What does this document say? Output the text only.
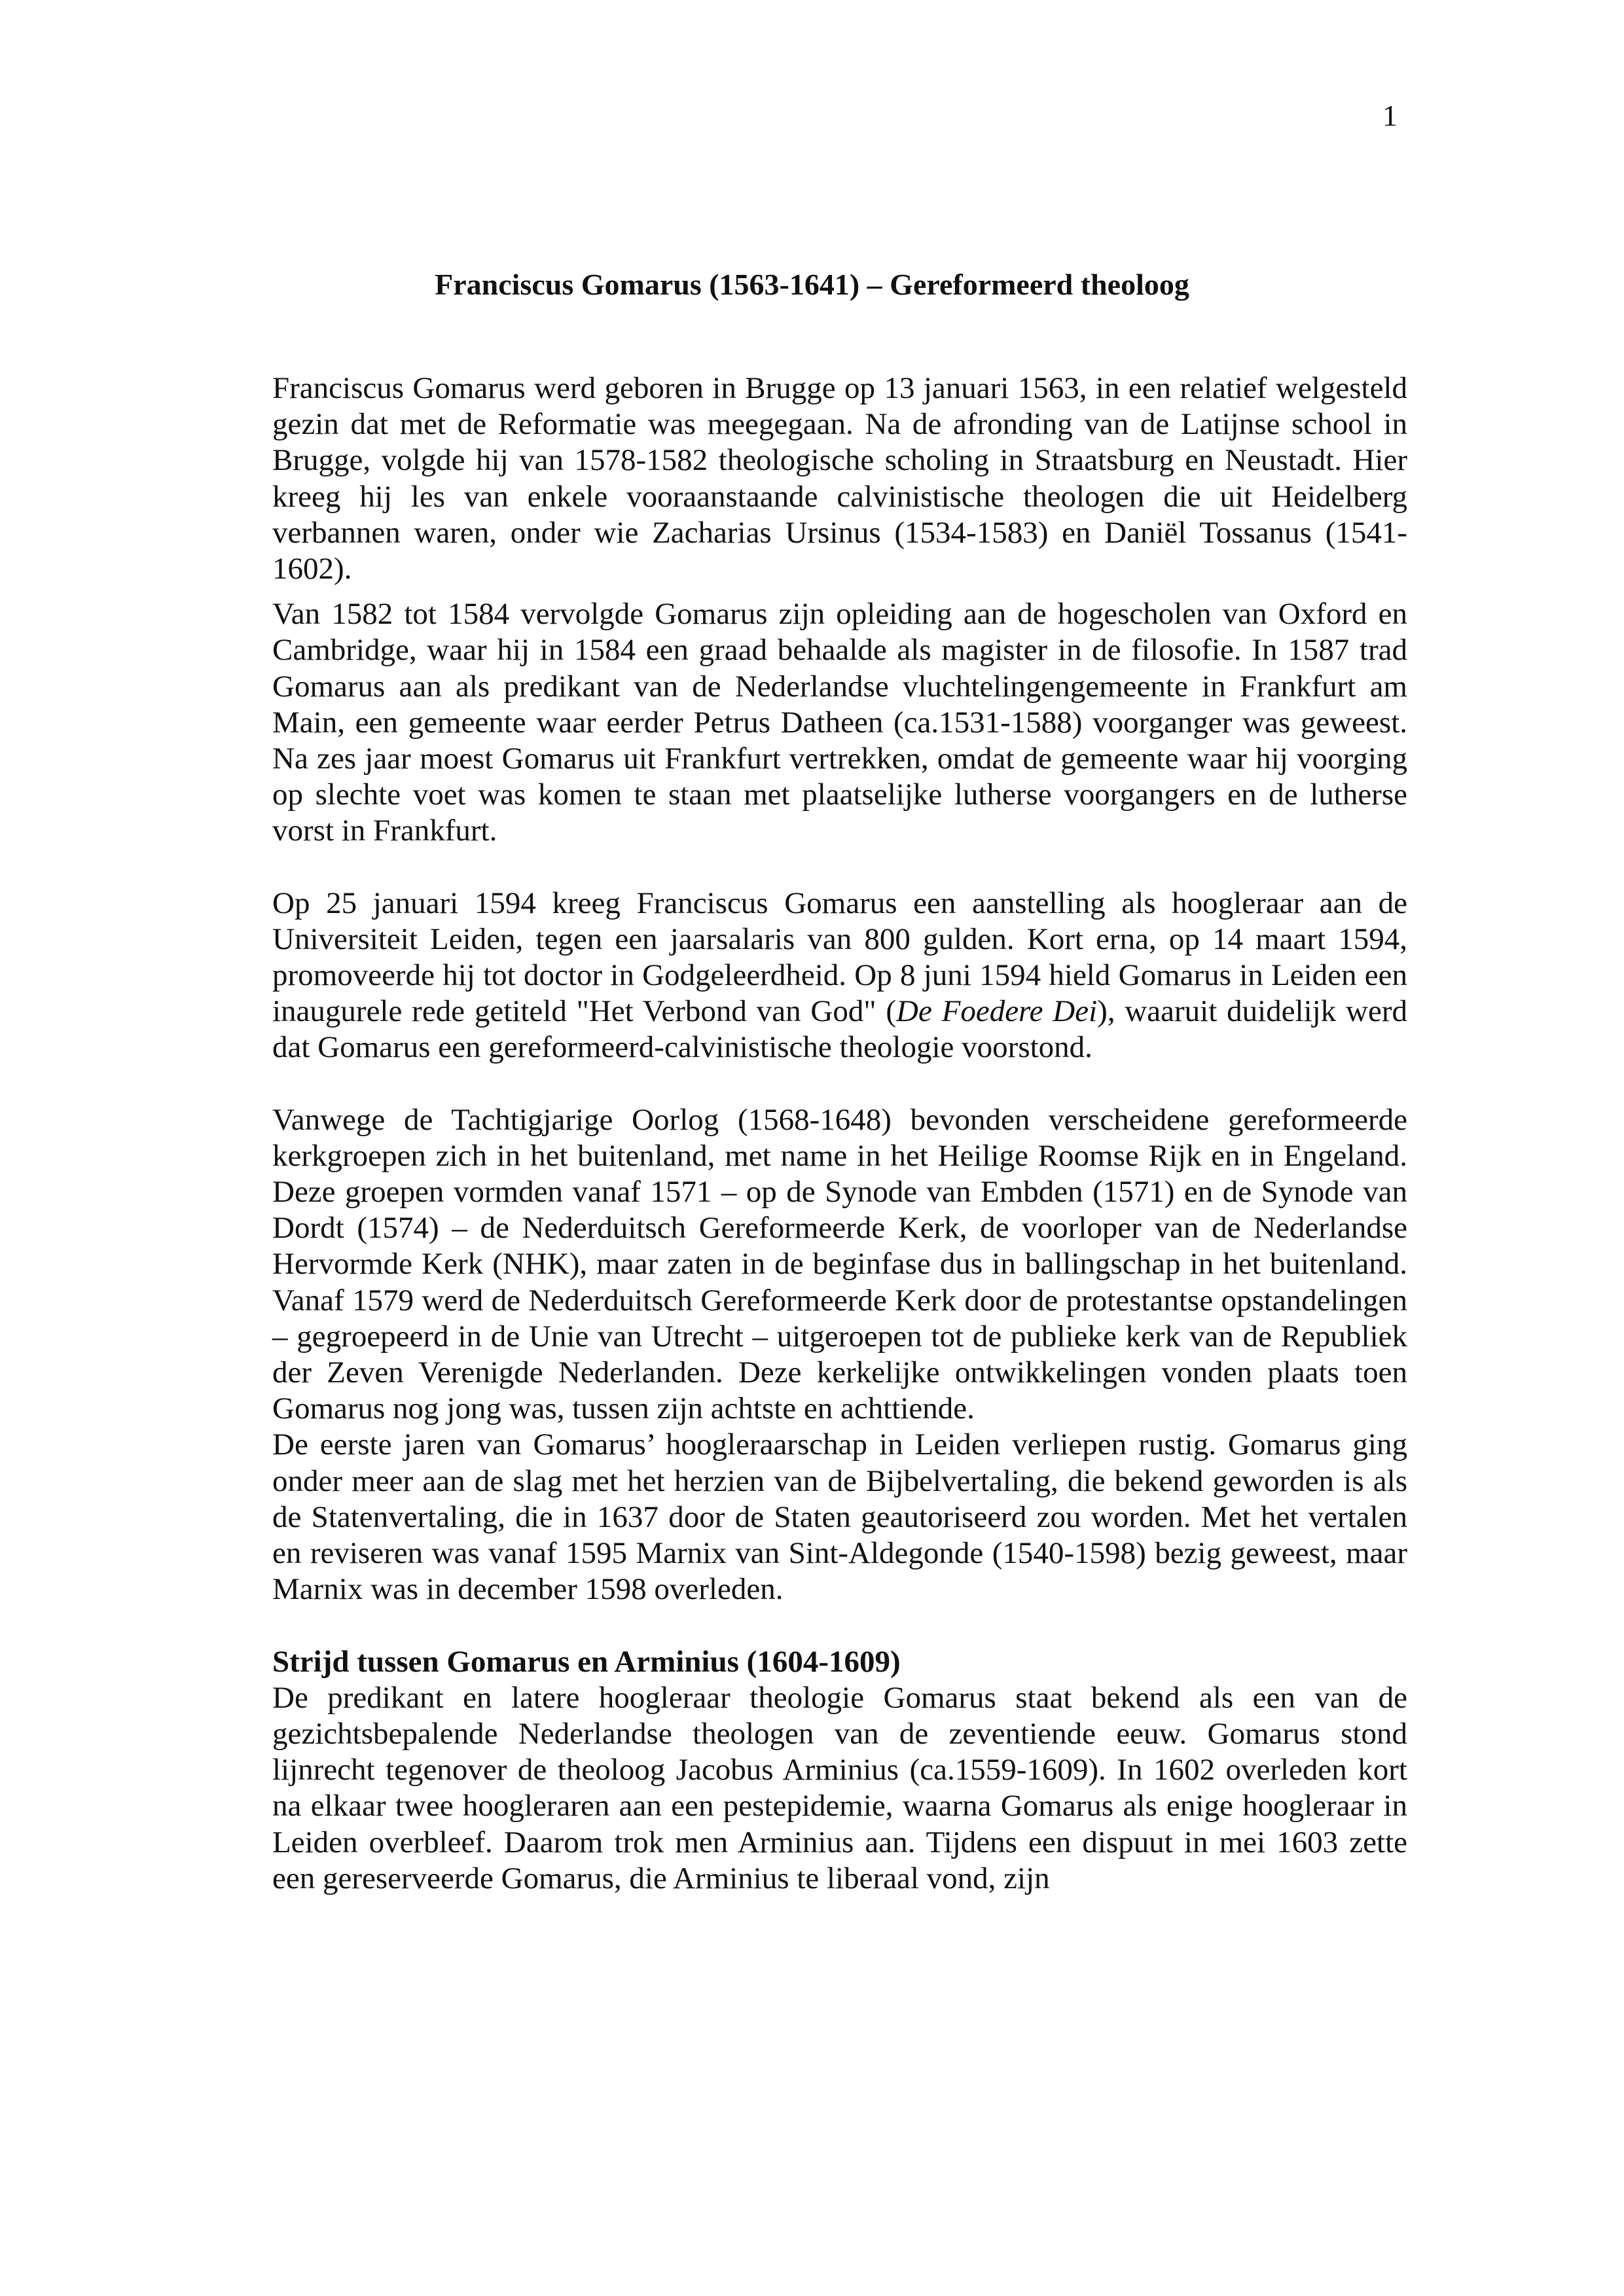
1
Franciscus Gomarus (1563-1641) – Gereformeerd theoloog

Franciscus Gomarus werd geboren in Brugge op 13 januari 1563, in een relatief welgesteld gezin dat met de Reformatie was meegegaan. Na de afronding van de Latijnse school in Brugge, volgde hij van 1578-1582 theologische scholing in Straatsburg en Neustadt. Hier kreeg hij les van enkele vooraanstaande calvinistische theologen die uit Heidelberg verbannen waren, onder wie Zacharias Ursinus (1534-1583) en Daniël Tossanus (1541-1602).

Van 1582 tot 1584 vervolgde Gomarus zijn opleiding aan de hogescholen van Oxford en Cambridge, waar hij in 1584 een graad behaalde als magister in de filosofie. In 1587 trad Gomarus aan als predikant van de Nederlandse vluchtelingengemeente in Frankfurt am Main, een gemeente waar eerder Petrus Datheen (ca.1531-1588) voorganger was geweest. Na zes jaar moest Gomarus uit Frankfurt vertrekken, omdat de gemeente waar hij voorging op slechte voet was komen te staan met plaatselijke lutherse voorgangers en de lutherse vorst in Frankfurt.

Op 25 januari 1594 kreeg Franciscus Gomarus een aanstelling als hoogleraar aan de Universiteit Leiden, tegen een jaarsalaris van 800 gulden. Kort erna, op 14 maart 1594, promoveerde hij tot doctor in Godgeleerdheid. Op 8 juni 1594 hield Gomarus in Leiden een inaugurele rede getiteld "Het Verbond van God" (De Foedere Dei), waaruit duidelijk werd dat Gomarus een gereformeerd-calvinistische theologie voorstond.

Vanwege de Tachtigjarige Oorlog (1568-1648) bevonden verscheidene gereformeerde kerkgroepen zich in het buitenland, met name in het Heilige Roomse Rijk en in Engeland. Deze groepen vormden vanaf 1571 – op de Synode van Embden (1571) en de Synode van Dordt (1574) – de Nederduitsch Gereformeerde Kerk, de voorloper van de Nederlandse Hervormde Kerk (NHK), maar zaten in de beginfase dus in ballingschap in het buitenland. Vanaf 1579 werd de Nederduitsch Gereformeerde Kerk door de protestantse opstandelingen – gegroepeerd in de Unie van Utrecht – uitgeroepen tot de publieke kerk van de Republiek der Zeven Verenigde Nederlanden. Deze kerkelijke ontwikkelingen vonden plaats toen Gomarus nog jong was, tussen zijn achtste en achttiende.

De eerste jaren van Gomarus’ hoogleraarschap in Leiden verliepen rustig. Gomarus ging onder meer aan de slag met het herzien van de Bijbelvertaling, die bekend geworden is als de Statenvertaling, die in 1637 door de Staten geautoriseerd zou worden. Met het vertalen en reviseren was vanaf 1595 Marnix van Sint-Aldegonde (1540-1598) bezig geweest, maar Marnix was in december 1598 overleden.

Strijd tussen Gomarus en Arminius (1604-1609)

De predikant en latere hoogleraar theologie Gomarus staat bekend als een van de gezichtsbepalende Nederlandse theologen van de zeventiende eeuw. Gomarus stond lijnrecht tegenover de theoloog Jacobus Arminius (ca.1559-1609). In 1602 overleden kort na elkaar twee hoogleraren aan een pestepidemie, waarna Gomarus als enige hoogleraar in Leiden overbleef. Daarom trok men Arminius aan. Tijdens een dispuut in mei 1603 zette een gereserveerde Gomarus, die Arminius te liberaal vond, zijn
